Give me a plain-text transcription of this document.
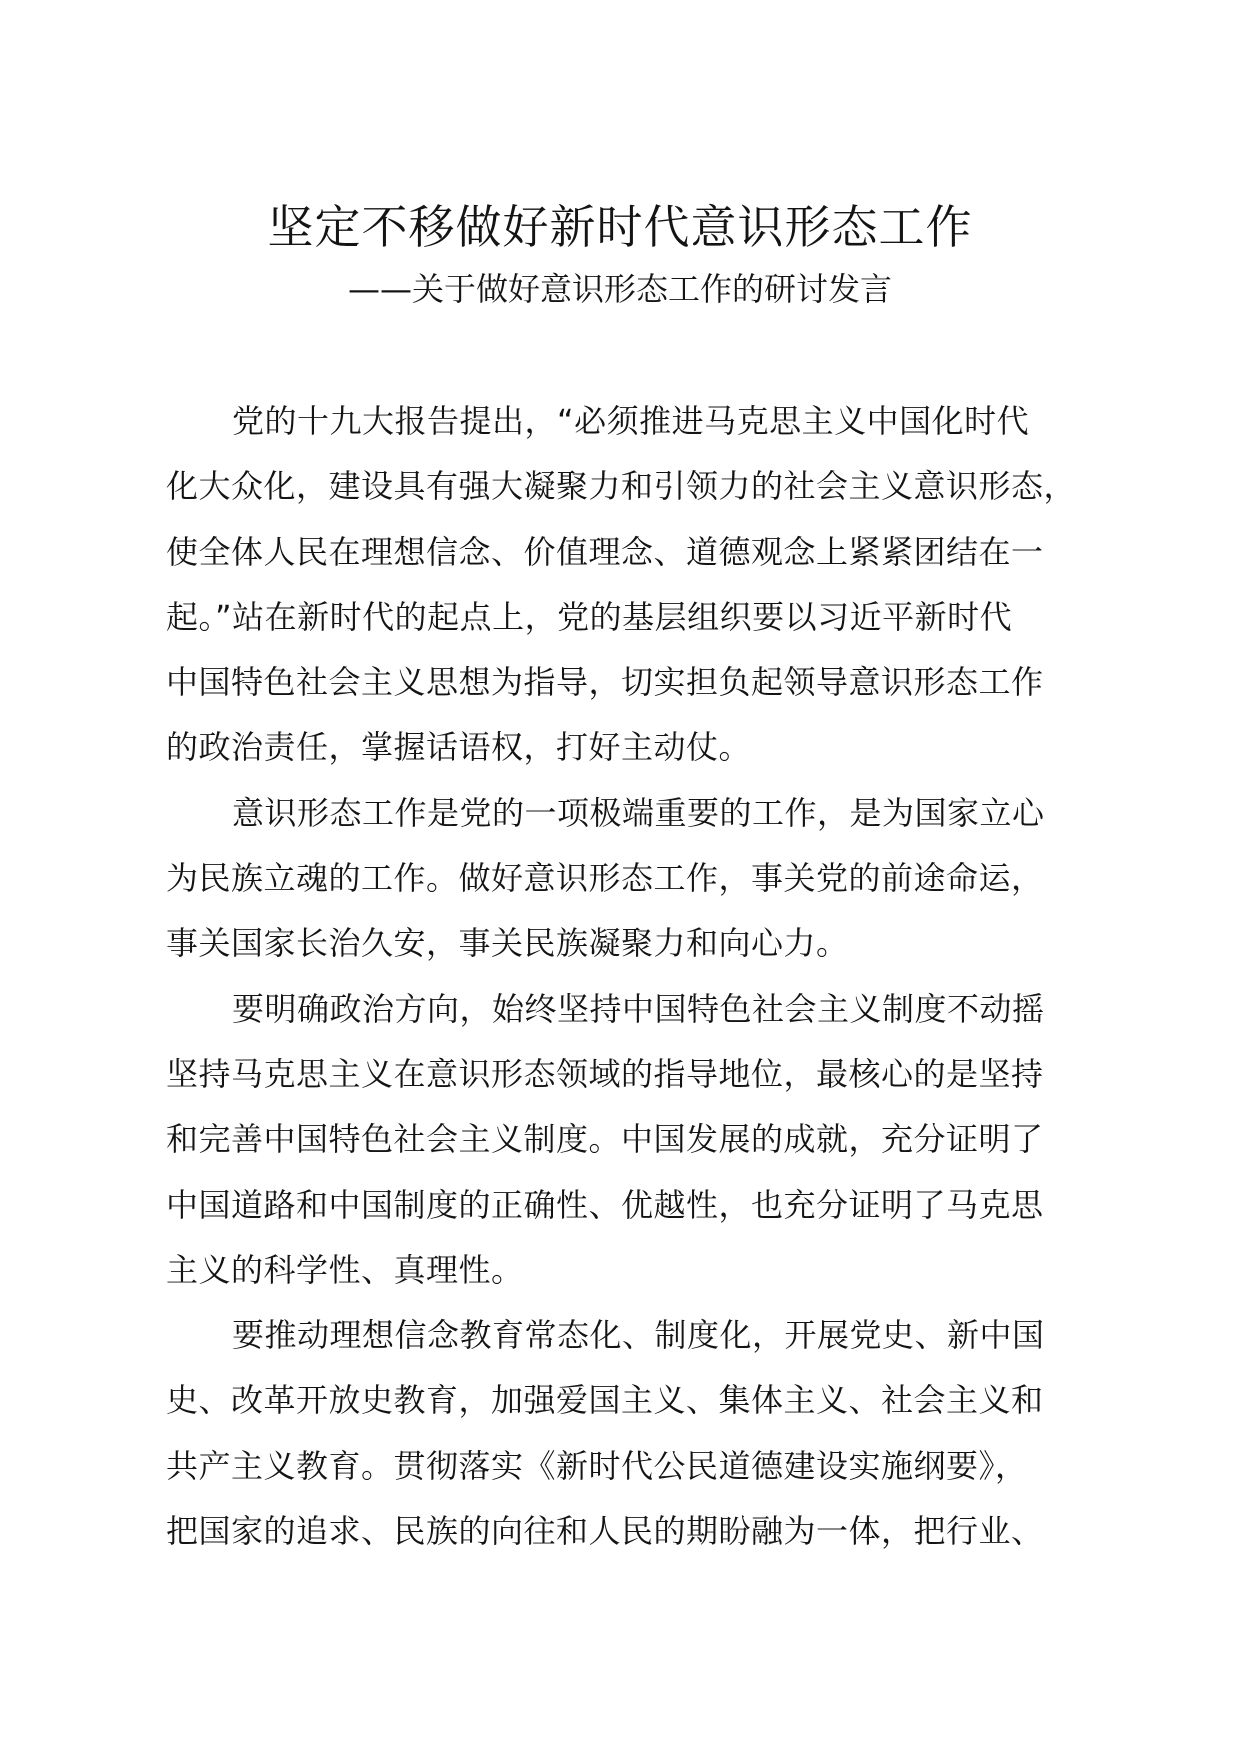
坚定不移做好新时代意识形态工作
——关于做好意识形态工作的研讨发言
党的十九大报告提出，“必须推进马克思主义中国化时代
化大众化，建设具有强大凝聚力和引领力的社会主义意识形态，
使全体人民在理想信念、价值理念、道德观念上紧紧团结在一
起。”站在新时代的起点上，党的基层组织要以习近平新时代
中国特色社会主义思想为指导，切实担负起领导意识形态工作
的政治责任，掌握话语权，打好主动仗。
意识形态工作是党的一项极端重要的工作，是为国家立心
为民族立魂的工作。做好意识形态工作，事关党的前途命运，
事关国家长治久安，事关民族凝聚力和向心力。
要明确政治方向，始终坚持中国特色社会主义制度不动摇
坚持马克思主义在意识形态领域的指导地位，最核心的是坚持
和完善中国特色社会主义制度。中国发展的成就，充分证明了
中国道路和中国制度的正确性、优越性，也充分证明了马克思
主义的科学性、真理性。
要推动理想信念教育常态化、制度化，开展党史、新中国
史、改革开放史教育，加强爱国主义、集体主义、社会主义和
共产主义教育。贯彻落实《新时代公民道德建设实施纲要》，
把国家的追求、民族的向往和人民的期盼融为一体，把行业、
